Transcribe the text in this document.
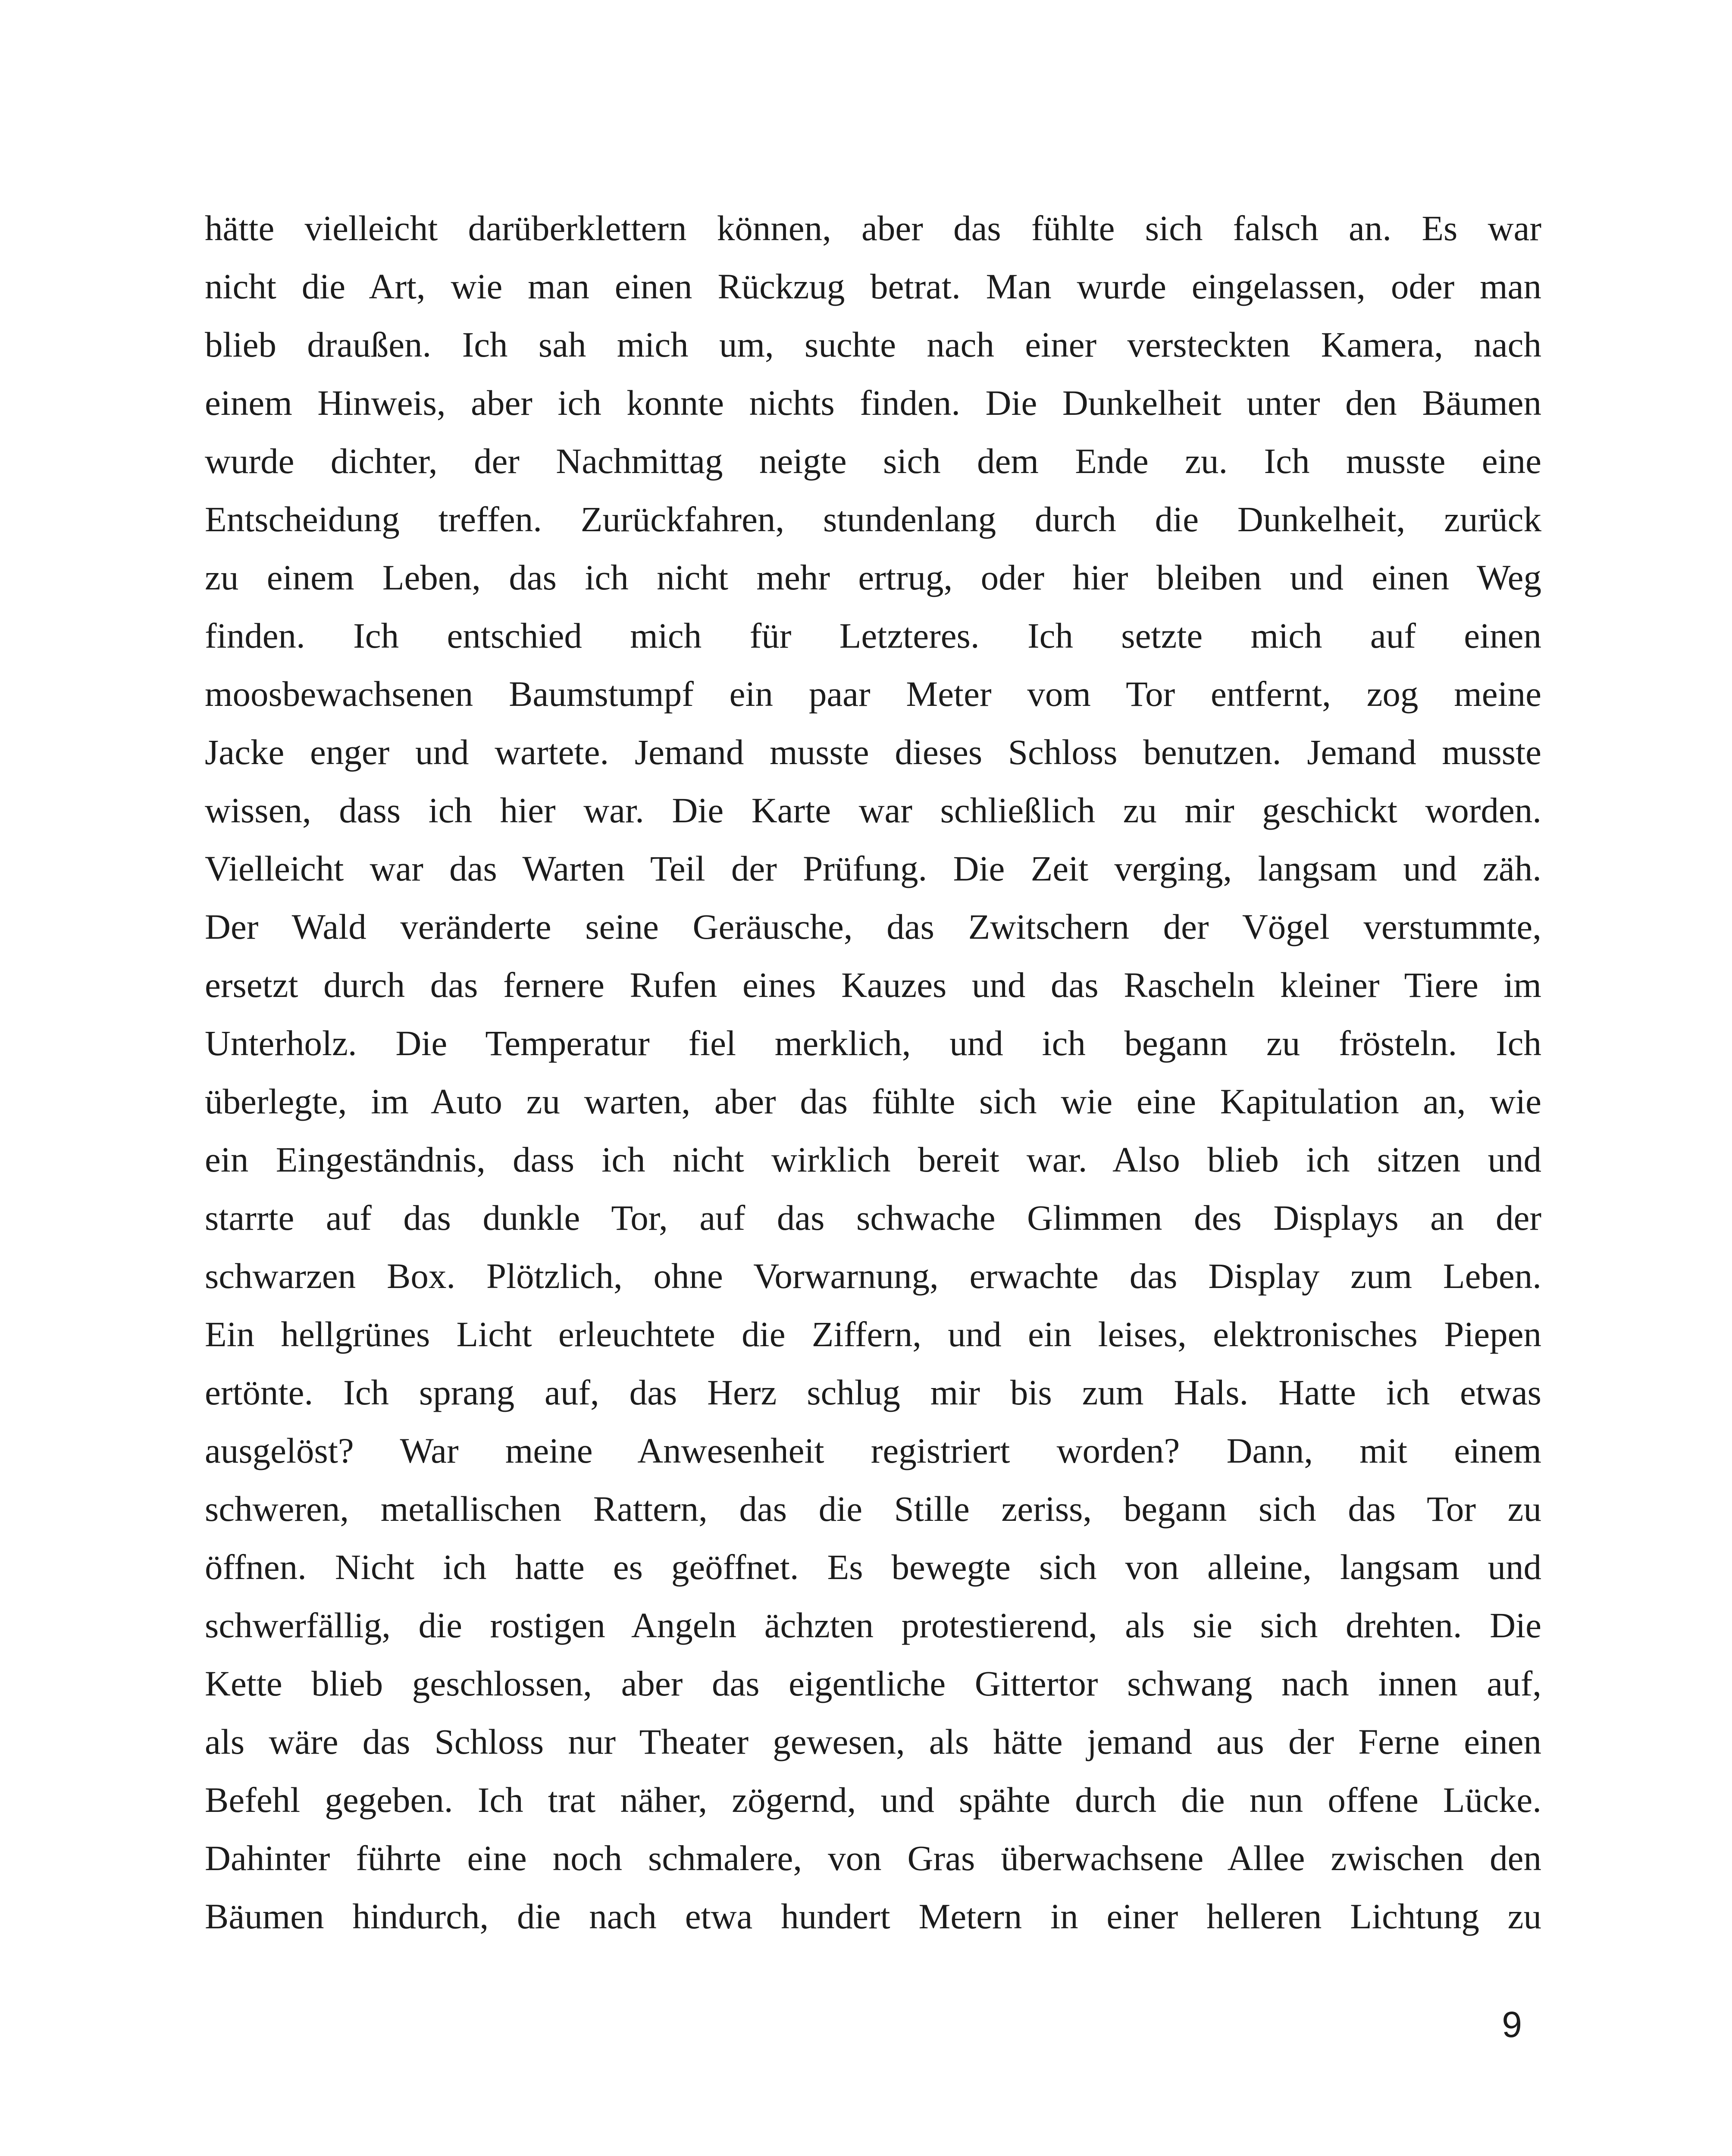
hätte vielleicht darüberklettern können, aber das fühlte sich falsch an. Es war
nicht die Art, wie man einen Rückzug betrat. Man wurde eingelassen, oder man
blieb draußen. Ich sah mich um, suchte nach einer versteckten Kamera, nach
einem Hinweis, aber ich konnte nichts finden. Die Dunkelheit unter den Bäumen
wurde dichter, der Nachmittag neigte sich dem Ende zu. Ich musste eine
Entscheidung treffen. Zurückfahren, stundenlang durch die Dunkelheit, zurück
zu einem Leben, das ich nicht mehr ertrug, oder hier bleiben und einen Weg
finden. Ich entschied mich für Letzteres. Ich setzte mich auf einen
moosbewachsenen Baumstumpf ein paar Meter vom Tor entfernt, zog meine
Jacke enger und wartete. Jemand musste dieses Schloss benutzen. Jemand musste
wissen, dass ich hier war. Die Karte war schließlich zu mir geschickt worden.
Vielleicht war das Warten Teil der Prüfung. Die Zeit verging, langsam und zäh.
Der Wald veränderte seine Geräusche, das Zwitschern der Vögel verstummte,
ersetzt durch das fernere Rufen eines Kauzes und das Rascheln kleiner Tiere im
Unterholz. Die Temperatur fiel merklich, und ich begann zu frösteln. Ich
überlegte, im Auto zu warten, aber das fühlte sich wie eine Kapitulation an, wie
ein Eingeständnis, dass ich nicht wirklich bereit war. Also blieb ich sitzen und
starrte auf das dunkle Tor, auf das schwache Glimmen des Displays an der
schwarzen Box. Plötzlich, ohne Vorwarnung, erwachte das Display zum Leben.
Ein hellgrünes Licht erleuchtete die Ziffern, und ein leises, elektronisches Piepen
ertönte. Ich sprang auf, das Herz schlug mir bis zum Hals. Hatte ich etwas
ausgelöst? War meine Anwesenheit registriert worden? Dann, mit einem
schweren, metallischen Rattern, das die Stille zeriss, begann sich das Tor zu
öffnen. Nicht ich hatte es geöffnet. Es bewegte sich von alleine, langsam und
schwerfällig, die rostigen Angeln ächzten protestierend, als sie sich drehten. Die
Kette blieb geschlossen, aber das eigentliche Gittertor schwang nach innen auf,
als wäre das Schloss nur Theater gewesen, als hätte jemand aus der Ferne einen
Befehl gegeben. Ich trat näher, zögernd, und spähte durch die nun offene Lücke.
Dahinter führte eine noch schmalere, von Gras überwachsene Allee zwischen den
Bäumen hindurch, die nach etwa hundert Metern in einer helleren Lichtung zu
9
